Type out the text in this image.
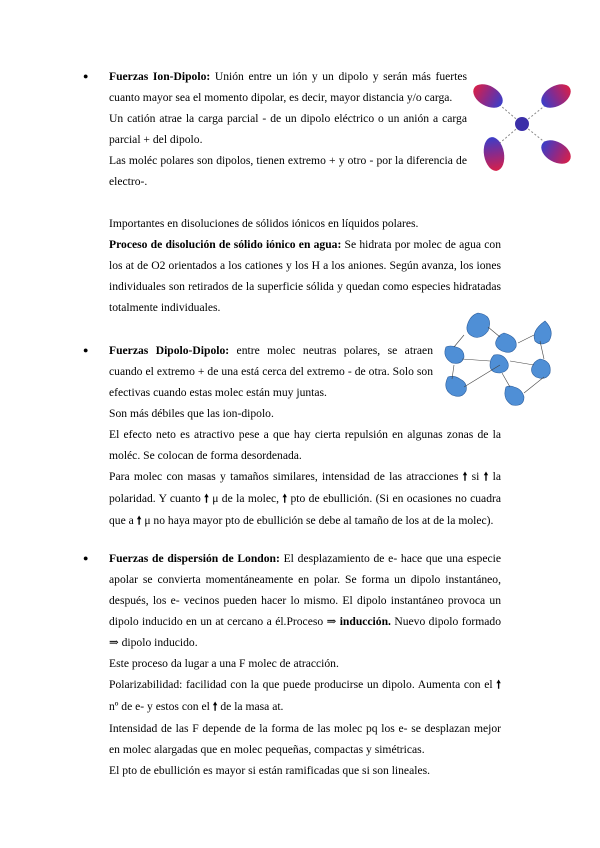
●	Fuerzas Ion-Dipolo: Unión entre un ión y un dipolo y serán más fuertes cuanto mayor sea el momento dipolar, es decir, mayor distancia y/o carga.

Un catión atrae la carga parcial - de un dipolo eléctrico o un anión a carga parcial + del dipolo.

Las moléc polares son dipolos, tienen extremo + y otro - por la diferencia de electro-.

Importantes en disoluciones de sólidos iónicos en líquidos polares.

Proceso de disolución de sólido iónico en agua: Se hidrata por molec de agua con los at de O2 orientados a los cationes y los H a los aniones. Según avanza, los iones individuales son retirados de la superficie sólida y quedan como especies hidratadas totalmente individuales.

●	Fuerzas Dipolo-Dipolo: entre molec neutras polares, se atraen cuando el extremo + de una está cerca del extremo - de otra. Solo son efectivas cuando estas molec están muy juntas.

Son más débiles que las ion-dipolo.

El efecto neto es atractivo pese a que hay cierta repulsión en algunas zonas de la moléc. Se colocan de forma desordenada.

Para molec con masas y tamaños similares, intensidad de las atracciones 🠕 si 🠕 la polaridad. Y cuanto 🠕 μ de la molec, 🠕 pto de ebullición. (Si en ocasiones no cuadra que a 🠕 μ no haya mayor pto de ebullición se debe al tamaño de los at de la molec).

●	Fuerzas de dispersión de London: El desplazamiento de e- hace que una especie apolar se convierta momentáneamente en polar. Se forma un dipolo instantáneo, después, los e- vecinos pueden hacer lo mismo. El dipolo instantáneo provoca un dipolo inducido en un at cercano a él.Proceso ⇒ inducción. Nuevo dipolo formado ⇒ dipolo inducido.

Este proceso da lugar a una F molec de atracción.

Polarizabilidad: facilidad con la que puede producirse un dipolo. Aumenta con el 🠕 nº de e- y estos con el 🠕 de la masa at.

Intensidad de las F depende de la forma de las molec pq los e- se desplazan mejor en molec alargadas que en molec pequeñas, compactas y simétricas.

El pto de ebullición es mayor si están ramificadas que si son lineales.
